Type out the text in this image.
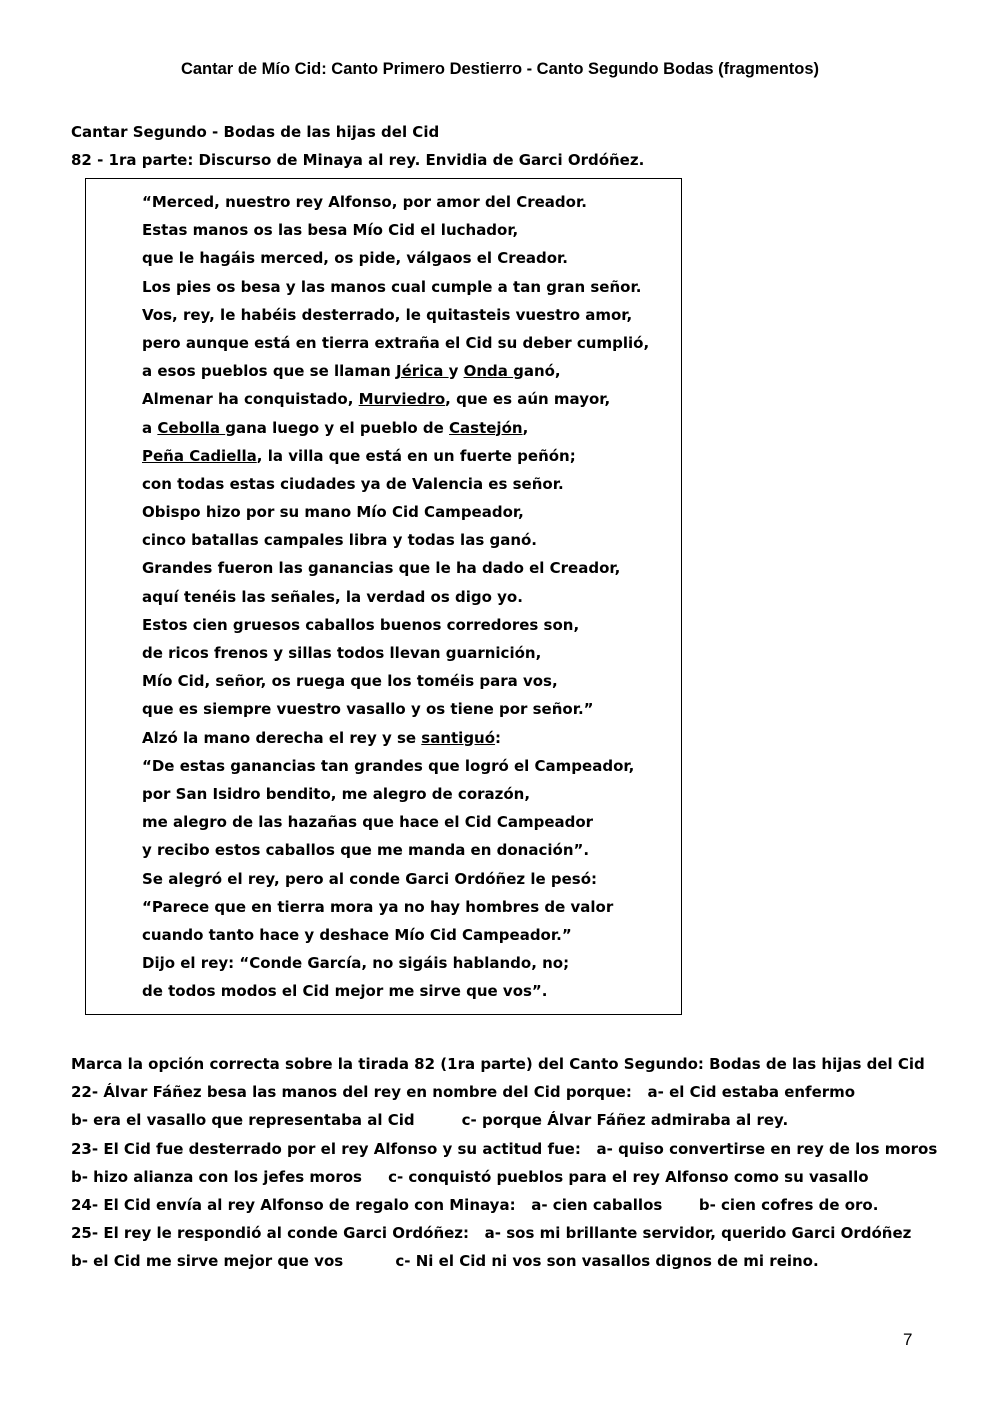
Cantar de Mío Cid: Canto Primero Destierro - Canto Segundo Bodas (fragmentos)
Cantar Segundo - Bodas de las hijas del Cid
82 - 1ra parte: Discurso de Minaya al rey. Envidia de Garci Ordóñez.
“Merced, nuestro rey Alfonso, por amor del Creador.
Estas manos os las besa Mío Cid el luchador,
que le hagáis merced, os pide, válgaos el Creador.
Los pies os besa y las manos cual cumple a tan gran señor.
Vos, rey, le habéis desterrado, le quitasteis vuestro amor,
pero aunque está en tierra extraña el Cid su deber cumplió,
a esos pueblos que se llaman Jérica y Onda ganó,
Almenar ha conquistado, Murviedro, que es aún mayor,
a Cebolla gana luego y el pueblo de Castejón,
Peña Cadiella, la villa que está en un fuerte peñón;
con todas estas ciudades ya de Valencia es señor.
Obispo hizo por su mano Mío Cid Campeador,
cinco batallas campales libra y todas las ganó.
Grandes fueron las ganancias que le ha dado el Creador,
aquí tenéis las señales, la verdad os digo yo.
Estos cien gruesos caballos buenos corredores son,
de ricos frenos y sillas todos llevan guarnición,
Mío Cid, señor, os ruega que los toméis para vos,
que es siempre vuestro vasallo y os tiene por señor.”
Alzó la mano derecha el rey y se santiguó:
“De estas ganancias tan grandes que logró el Campeador,
por San Isidro bendito, me alegro de corazón,
me alegro de las hazañas que hace el Cid Campeador
y recibo estos caballos que me manda en donación”.
Se alegró el rey, pero al conde Garci Ordóñez le pesó:
“Parece que en tierra mora ya no hay hombres de valor
cuando tanto hace y deshace Mío Cid Campeador.”
Dijo el rey: “Conde García, no sigáis hablando, no;
de todos modos el Cid mejor me sirve que vos”.
Marca la opción correcta sobre la tirada 82 (1ra parte) del Canto Segundo: Bodas de las hijas del Cid
22- Álvar Fáñez besa las manos del rey en nombre del Cid porque:   a- el Cid estaba enfermo
b- era el vasallo que representaba al Cid         c- porque Álvar Fáñez admiraba al rey.
23- El Cid fue desterrado por el rey Alfonso y su actitud fue:   a- quiso convertirse en rey de los moros
b- hizo alianza con los jefes moros     c- conquistó pueblos para el rey Alfonso como su vasallo
24- El Cid envía al rey Alfonso de regalo con Minaya:   a- cien caballos       b- cien cofres de oro.
25- El rey le respondió al conde Garci Ordóñez:   a- sos mi brillante servidor, querido Garci Ordóñez
b- el Cid me sirve mejor que vos          c- Ni el Cid ni vos son vasallos dignos de mi reino.
7
